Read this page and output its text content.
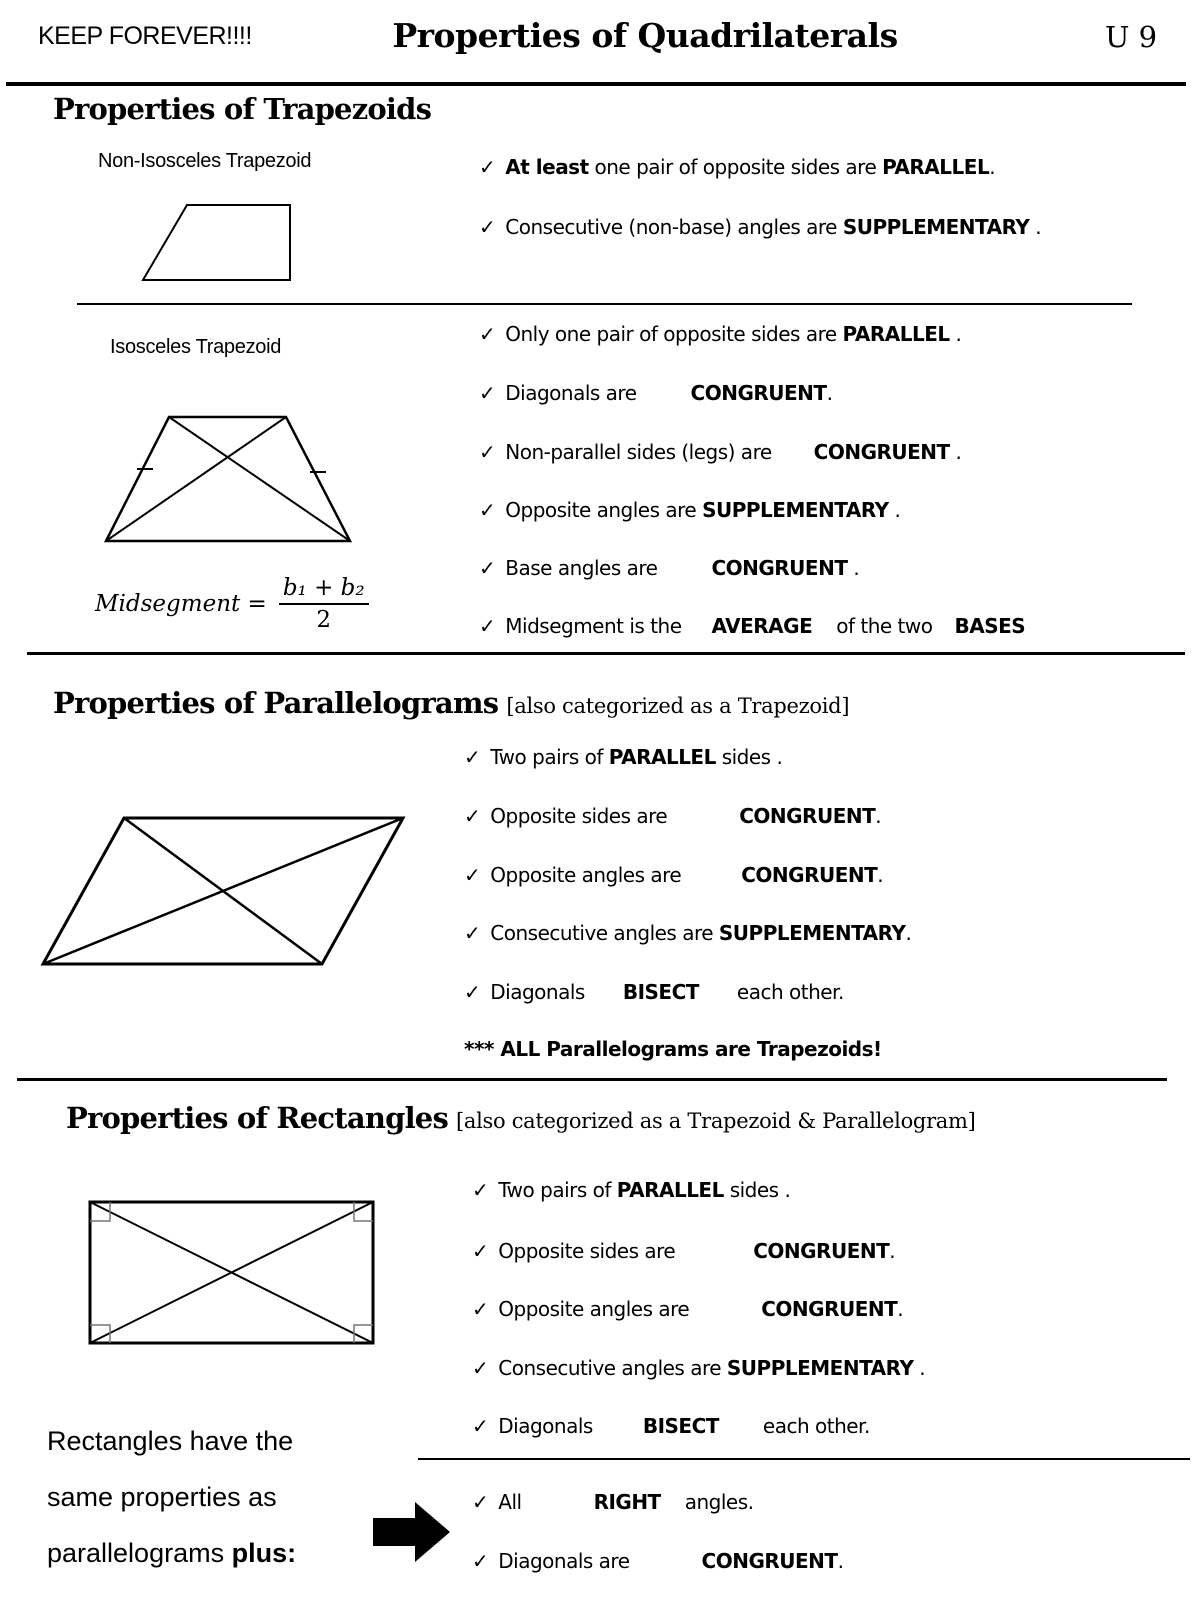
KEEP FOREVER!!!!	Properties of Quadrilaterals	U 9
Properties of Trapezoids
Non-Isosceles Trapezoid	✓ At least one pair of opposite sides are PARALLEL.
✓ Consecutive (non-base) angles are SUPPLEMENTARY .
Isosceles Trapezoid
Midsegment = $\frac{\text{b₁ + b₂}}{2}$
✓ Only one pair of opposite sides are PARALLEL .
✓ Diagonals are	CONGRUENT.
✓ Non-parallel sides (legs) are CONGRUENT .
✓ Opposite angles are SUPPLEMENTARY .
✓ Base angles are	CONGRUENT .
✓ Midsegment is the AVERAGE of the two BASES
Properties of Parallelograms [also categorized as a Trapezoid]
✓ Two pairs of PARALLEL sides .
✓ Opposite sides are	CONGRUENT.
✓ Opposite angles are	CONGRUENT.
✓ Consecutive angles are SUPPLEMENTARY.
✓ Diagonals BISECT each other.
*** ALL Parallelograms are Trapezoids!
Properties of Rectangles [also categorized as a Trapezoid & Parallelogram]
✓ Two pairs of PARALLEL sides .
✓ Opposite sides are	CONGRUENT.
✓ Opposite angles are	CONGRUENT.
✓ Consecutive angles are SUPPLEMENTARY .
✓ Diagonals	BISECT each other.
Rectangles have the
same properties as
parallelograms plus:
✓ All	RIGHT angles.
✓ Diagonals are	CONGRUENT.
